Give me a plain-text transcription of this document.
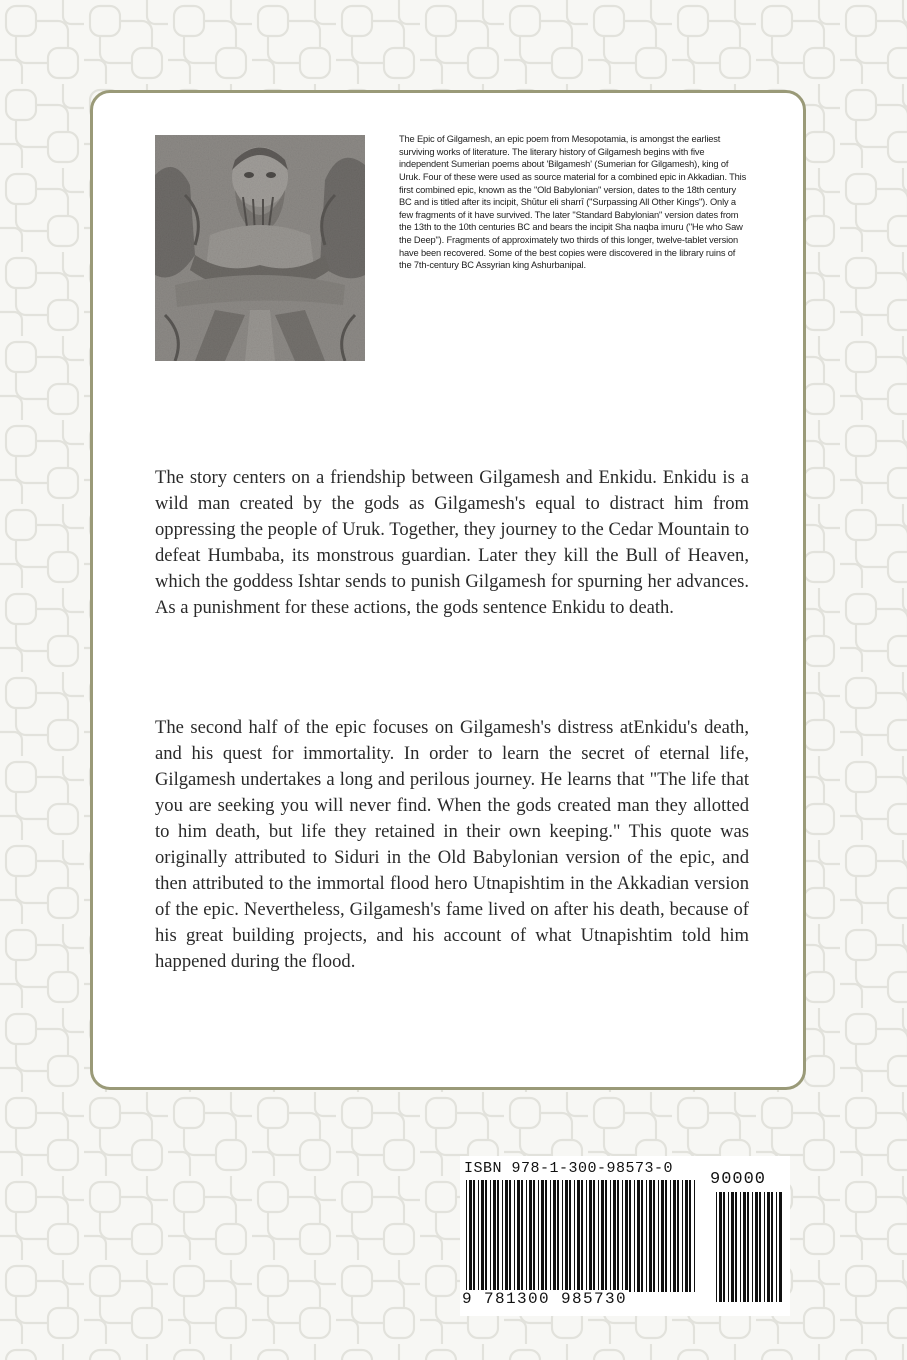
The Epic of Gilgamesh, an epic poem from Mesopotamia, is amongst the earliest surviving works of literature. The literary history of Gilgamesh begins with five independent Sumerian poems about 'Bilgamesh' (Sumerian for Gilgamesh), king of Uruk. Four of these were used as source material for a combined epic in Akkadian. This first combined epic, known as the "Old Babylonian" version, dates to the 18th century BC and is titled after its incipit, Shūtur eli sharrī ("Surpassing All Other Kings"). Only a few fragments of it have survived. The later "Standard Babylonian" version dates from the 13th to the 10th centuries BC and bears the incipit Sha naqba imuru ("He who Saw the Deep"). Fragments of approximately two thirds of this longer, twelve-tablet version have been recovered. Some of the best copies were discovered in the library ruins of the 7th-century BC Assyrian king Ashurbanipal.

The story centers on a friendship between Gilgamesh and Enkidu. Enkidu is a wild man created by the gods as Gilgamesh's equal to distract him from oppressing the people of Uruk. Together, they journey to the Cedar Mountain to defeat Humbaba, its monstrous guardian. Later they kill the Bull of Heaven, which the goddess Ishtar sends to punish Gilgamesh for spurning her advances. As a punishment for these actions, the gods sentence Enkidu to death.

The second half of the epic focuses on Gilgamesh's distress atEnkidu's death, and his quest for immortality. In order to learn the secret of eternal life, Gilgamesh undertakes a long and perilous journey. He learns that "The life that you are seeking you will never find. When the gods created man they allotted to him death, but life they retained in their own keeping." This quote was originally attributed to Siduri in the Old Babylonian version of the epic, and then attributed to the immortal flood hero Utnapishtim in the Akkadian version of the epic. Nevertheless, Gilgamesh's fame lived on after his death, because of his great building projects, and his account of what Utnapishtim told him happened during the flood.

ISBN 978-1-300-98573-0
90000
9 781300 985730
